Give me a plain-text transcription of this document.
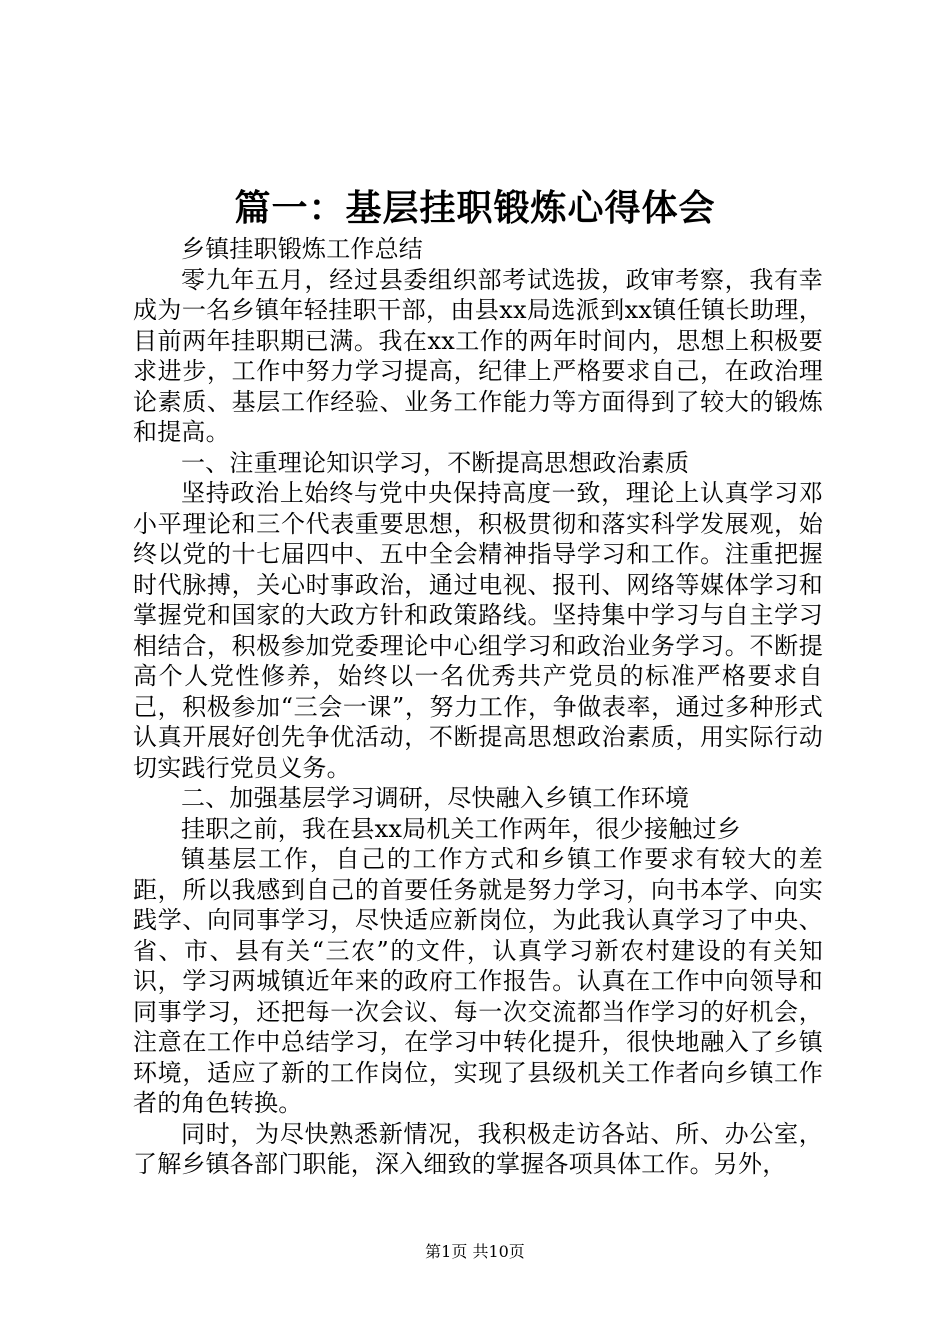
篇一：基层挂职锻炼心得体会

乡镇挂职锻炼工作总结

零九年五月，经过县委组织部考试选拔，政审考察，我有幸成为一名乡镇年轻挂职干部，由县xx局选派到xx镇任镇长助理，目前两年挂职期已满。我在xx工作的两年时间内，思想上积极要求进步，工作中努力学习提高，纪律上严格要求自己，在政治理论素质、基层工作经验、业务工作能力等方面得到了较大的锻炼和提高。

一、注重理论知识学习，不断提高思想政治素质

坚持政治上始终与党中央保持高度一致，理论上认真学习邓小平理论和三个代表重要思想，积极贯彻和落实科学发展观，始终以党的十七届四中、五中全会精神指导学习和工作。注重把握时代脉搏，关心时事政治，通过电视、报刊、网络等媒体学习和掌握党和国家的大政方针和政策路线。坚持集中学习与自主学习相结合，积极参加党委理论中心组学习和政治业务学习。不断提高个人党性修养，始终以一名优秀共产党员的标准严格要求自己，积极参加“三会一课”，努力工作，争做表率，通过多种形式认真开展好创先争优活动，不断提高思想政治素质，用实际行动切实践行党员义务。

二、加强基层学习调研，尽快融入乡镇工作环境

挂职之前，我在县xx局机关工作两年，很少接触过乡

镇基层工作，自己的工作方式和乡镇工作要求有较大的差距，所以我感到自己的首要任务就是努力学习，向书本学、向实践学、向同事学习，尽快适应新岗位，为此我认真学习了中央、省、市、县有关“三农”的文件，认真学习新农村建设的有关知识，学习两城镇近年来的政府工作报告。认真在工作中向领导和同事学习，还把每一次会议、每一次交流都当作学习的好机会，注意在工作中总结学习，在学习中转化提升，很快地融入了乡镇环境，适应了新的工作岗位，实现了县级机关工作者向乡镇工作者的角色转换。

同时，为尽快熟悉新情况，我积极走访各站、所、办公室，了解乡镇各部门职能，深入细致的掌握各项具体工作。另外，

第1页 共10页
